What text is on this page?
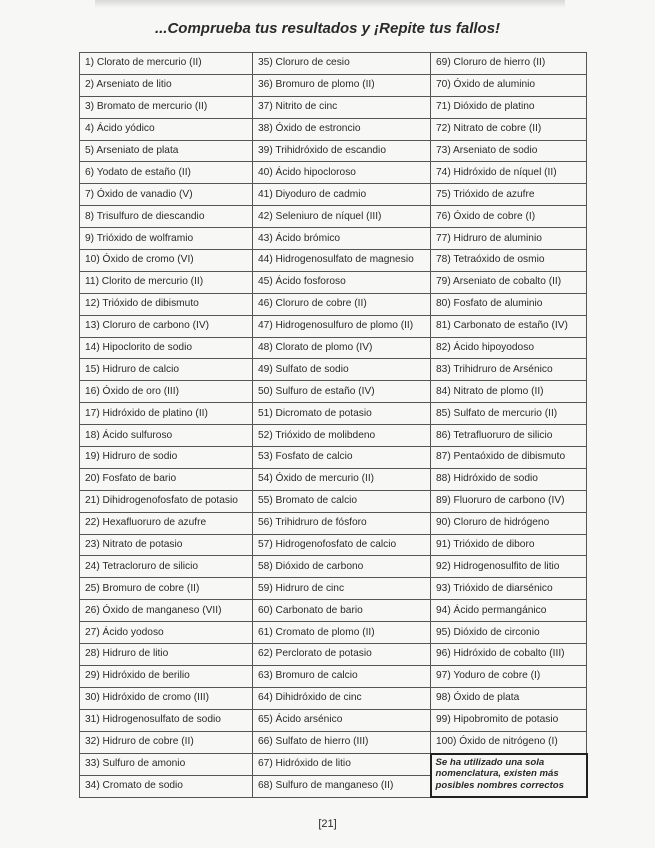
...Comprueba tus resultados y ¡Repite tus fallos!
1) Clorato de mercurio (II)	35) Cloruro de cesio	69) Cloruro de hierro (II)
2) Arseniato de litio	36) Bromuro de plomo (II)	70) Óxido de aluminio
3) Bromato de mercurio (II)	37) Nitrito de cinc	71) Dióxido de platino
4) Ácido yódico	38) Óxido de estroncio	72) Nitrato de cobre (II)
5) Arseniato de plata	39) Trihidróxido de escandio	73) Arseniato de sodio
6) Yodato de estaño (II)	40) Ácido hipocloroso	74) Hidróxido de níquel (II)
7) Óxido de vanadio (V)	41) Diyoduro de cadmio	75) Trióxido de azufre
8) Trisulfuro de diescandio	42) Seleniuro de níquel (III)	76) Óxido de cobre (I)
9) Trióxido de wolframio	43) Ácido brómico	77) Hidruro de aluminio
10) Óxido de cromo (VI)	44) Hidrogenosulfato de magnesio	78) Tetraóxido de osmio
11) Clorito de mercurio (II)	45) Ácido fosforoso	79) Arseniato de cobalto (II)
12) Trióxido de dibismuto	46) Cloruro de cobre (II)	80) Fosfato de aluminio
13) Cloruro de carbono (IV)	47) Hidrogenosulfuro de plomo (II)	81) Carbonato de estaño (IV)
14) Hipoclorito de sodio	48) Clorato de plomo (IV)	82) Ácido hipoyodoso
15) Hidruro de calcio	49) Sulfato de sodio	83) Trihidruro de Arsénico
16) Óxido de oro (III)	50) Sulfuro de estaño (IV)	84) Nitrato de plomo (II)
17) Hidróxido de platino (II)	51) Dicromato de potasio	85) Sulfato de mercurio (II)
18) Ácido sulfuroso	52) Trióxido de molibdeno	86) Tetrafluoruro de silicio
19) Hidruro de sodio	53) Fosfato de calcio	87) Pentaóxido de dibismuto
20) Fosfato de bario	54) Óxido de mercurio (II)	88) Hidróxido de sodio
21) Dihidrogenofosfato de potasio	55) Bromato de calcio	89) Fluoruro de carbono (IV)
22) Hexafluoruro de azufre	56) Trihidruro de fósforo	90) Cloruro de hidrógeno
23) Nitrato de potasio	57) Hidrogenofosfato de calcio	91) Trióxido de diboro
24) Tetracloruro de silicio	58) Dióxido de carbono	92) Hidrogenosulfito de litio
25) Bromuro de cobre (II)	59) Hidruro de cinc	93) Trióxido de diarsénico
26) Óxido de manganeso (VII)	60) Carbonato de bario	94) Ácido permangánico
27) Ácido yodoso	61) Cromato de plomo (II)	95) Dióxido de circonio
28) Hidruro de litio	62) Perclorato de potasio	96) Hidróxido de cobalto (III)
29) Hidróxido de berilio	63) Bromuro de calcio	97) Yoduro de cobre (I)
30) Hidróxido de cromo (III)	64) Dihidróxido de cinc	98) Óxido de plata
31) Hidrogenosulfato de sodio	65) Ácido arsénico	99) Hipobromito de potasio
32) Hidruro de cobre (II)	66) Sulfato de hierro (III)	100) Óxido de nitrógeno (I)
33) Sulfuro de amonio	67) Hidróxido de litio	Se ha utilizado una sola nomenclatura, existen más posibles nombres correctos
34) Cromato de sodio	68) Sulfuro de manganeso (II)	
[21]
